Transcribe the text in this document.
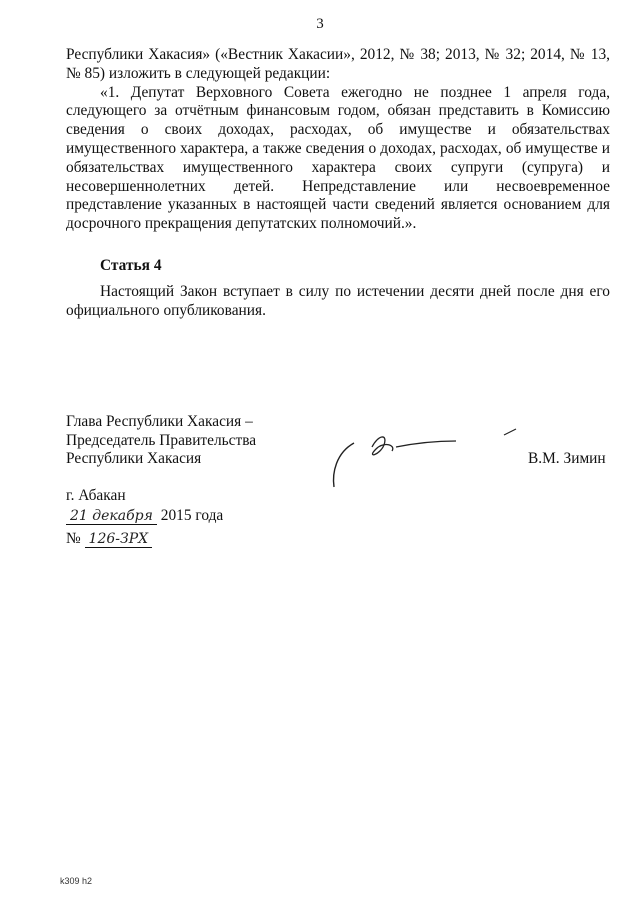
3

Республики Хакасия» («Вестник Хакасии», 2012, № 38; 2013, № 32; 2014, № 13, № 85) изложить в следующей редакции:

«1. Депутат Верховного Совета ежегодно не позднее 1 апреля года, следующего за отчётным финансовым годом, обязан представить в Комиссию сведения о своих доходах, расходах, об имуществе и обязательствах имущественного характера, а также сведения о доходах, расходах, об имуществе и обязательствах имущественного характера своих супруги (супруга) и несовершеннолетних детей. Непредставление или несвоевременное представление указанных в настоящей части сведений является основанием для досрочного прекращения депутатских полномочий.».

Статья 4

Настоящий Закон вступает в силу по истечении десяти дней после дня его официального опубликования.

Глава Республики Хакасия –
Председатель Правительства
Республики Хакасия	В.М. Зимин
г. Абакан
21 декабря 2015 года
№ 126-ЗРХ
k309 h2
